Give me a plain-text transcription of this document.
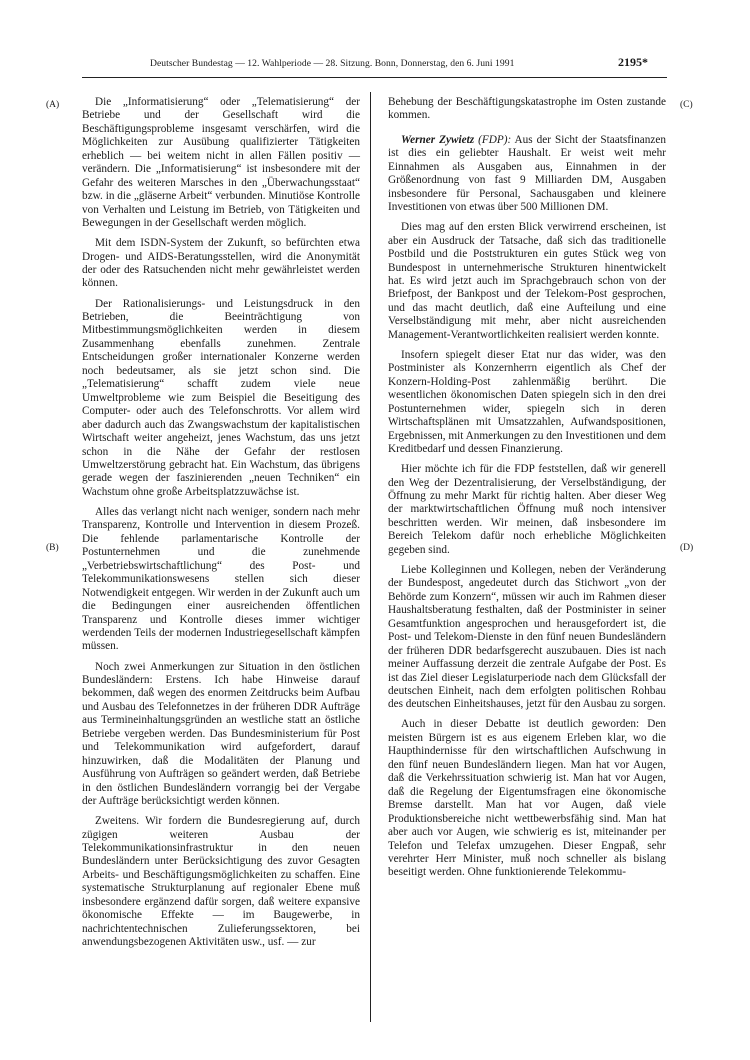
Deutscher Bundestag — 12. Wahlperiode — 28. Sitzung. Bonn, Donnerstag, den 6. Juni 1991	2195*
(A)
(B)
(C)
(D)

Die „Informatisierung“ oder „Telematisierung“ der Betriebe und der Gesellschaft wird die Beschäftigungsprobleme insgesamt verschärfen, wird die Möglichkeiten zur Ausübung qualifizierter Tätigkeiten erheblich — bei weitem nicht in allen Fällen positiv — verändern. Die „Informatisierung“ ist insbesondere mit der Gefahr des weiteren Marsches in den „Überwachungsstaat“ bzw. in die „gläserne Arbeit“ verbunden. Minutiöse Kontrolle von Verhalten und Leistung im Betrieb, von Tätigkeiten und Bewegungen in der Gesellschaft werden möglich.

Mit dem ISDN-System der Zukunft, so befürchten etwa Drogen- und AIDS-Beratungsstellen, wird die Anonymität der oder des Ratsuchenden nicht mehr gewährleistet werden können.

Der Rationalisierungs- und Leistungsdruck in den Betrieben, die Beeinträchtigung von Mitbestimmungsmöglichkeiten werden in diesem Zusammenhang ebenfalls zunehmen. Zentrale Entscheidungen großer internationaler Konzerne werden noch bedeutsamer, als sie jetzt schon sind. Die „Telematisierung“ schafft zudem viele neue Umweltprobleme wie zum Beispiel die Beseitigung des Computer- oder auch des Telefonschrotts. Vor allem wird aber dadurch auch das Zwangswachstum der kapitalistischen Wirtschaft weiter angeheizt, jenes Wachstum, das uns jetzt schon in die Nähe der Gefahr der restlosen Umweltzerstörung gebracht hat. Ein Wachstum, das übrigens gerade wegen der faszinierenden „neuen Techniken“ ein Wachstum ohne große Arbeitsplatzzuwächse ist.

Alles das verlangt nicht nach weniger, sondern nach mehr Transparenz, Kontrolle und Intervention in diesem Prozeß. Die fehlende parlamentarische Kontrolle der Postunternehmen und die zunehmende „Verbetriebswirtschaftlichung“ des Post- und Telekommunikationswesens stellen sich dieser Notwendigkeit entgegen. Wir werden in der Zukunft auch um die Bedingungen einer ausreichenden öffentlichen Transparenz und Kontrolle dieses immer wichtiger werdenden Teils der modernen Industriegesellschaft kämpfen müssen.

Noch zwei Anmerkungen zur Situation in den östlichen Bundesländern: Erstens. Ich habe Hinweise darauf bekommen, daß wegen des enormen Zeitdrucks beim Aufbau und Ausbau des Telefonnetzes in der früheren DDR Aufträge aus Termineinhaltungsgründen an westliche statt an östliche Betriebe vergeben werden. Das Bundesministerium für Post und Telekommunikation wird aufgefordert, darauf hinzuwirken, daß die Modalitäten der Planung und Ausführung von Aufträgen so geändert werden, daß Betriebe in den östlichen Bundesländern vorrangig bei der Vergabe der Aufträge berücksichtigt werden können.

Zweitens. Wir fordern die Bundesregierung auf, durch zügigen weiteren Ausbau der Telekommunikationsinfrastruktur in den neuen Bundesländern unter Berücksichtigung des zuvor Gesagten Arbeits- und Beschäftigungsmöglichkeiten zu schaffen. Eine systematische Strukturplanung auf regionaler Ebene muß insbesondere ergänzend dafür sorgen, daß weitere expansive ökonomische Effekte — im Baugewerbe, in nachrichtentechnischen Zulieferungssektoren, bei anwendungsbezogenen Aktivitäten usw., usf. — zur

Behebung der Beschäftigungskatastrophe im Osten zustande kommen.

Werner Zywietz (FDP): Aus der Sicht der Staatsfinanzen ist dies ein geliebter Haushalt. Er weist weit mehr Einnahmen als Ausgaben aus, Einnahmen in der Größenordnung von fast 9 Milliarden DM, Ausgaben insbesondere für Personal, Sachausgaben und kleinere Investitionen von etwas über 500 Millionen DM.

Dies mag auf den ersten Blick verwirrend erscheinen, ist aber ein Ausdruck der Tatsache, daß sich das traditionelle Postbild und die Poststrukturen ein gutes Stück weg von Bundespost in unternehmerische Strukturen hinentwickelt hat. Es wird jetzt auch im Sprachgebrauch schon von der Briefpost, der Bankpost und der Telekom-Post gesprochen, und das macht deutlich, daß eine Aufteilung und eine Verselbständigung mit mehr, aber nicht ausreichenden Management-Verantwortlichkeiten realisiert werden konnte.

Insofern spiegelt dieser Etat nur das wider, was den Postminister als Konzernherrn eigentlich als Chef der Konzern-Holding-Post zahlenmäßig berührt. Die wesentlichen ökonomischen Daten spiegeln sich in den drei Postunternehmen wider, spiegeln sich in deren Wirtschaftsplänen mit Umsatzzahlen, Aufwandspositionen, Ergebnissen, mit Anmerkungen zu den Investitionen und dem Kreditbedarf und dessen Finanzierung.

Hier möchte ich für die FDP feststellen, daß wir generell den Weg der Dezentralisierung, der Verselbständigung, der Öffnung zu mehr Markt für richtig halten. Aber dieser Weg der marktwirtschaftlichen Öffnung muß noch intensiver beschritten werden. Wir meinen, daß insbesondere im Bereich Telekom dafür noch erhebliche Möglichkeiten gegeben sind.

Liebe Kolleginnen und Kollegen, neben der Veränderung der Bundespost, angedeutet durch das Stichwort „von der Behörde zum Konzern“, müssen wir auch im Rahmen dieser Haushaltsberatung festhalten, daß der Postminister in seiner Gesamtfunktion angesprochen und herausgefordert ist, die Post- und Telekom-Dienste in den fünf neuen Bundesländern der früheren DDR bedarfsgerecht auszubauen. Dies ist nach meiner Auffassung derzeit die zentrale Aufgabe der Post. Es ist das Ziel dieser Legislaturperiode nach dem Glücksfall der deutschen Einheit, nach dem erfolgten politischen Rohbau des deutschen Einheitshauses, jetzt für den Ausbau zu sorgen.

Auch in dieser Debatte ist deutlich geworden: Den meisten Bürgern ist es aus eigenem Erleben klar, wo die Haupthindernisse für den wirtschaftlichen Aufschwung in den fünf neuen Bundesländern liegen. Man hat vor Augen, daß die Verkehrssituation schwierig ist. Man hat vor Augen, daß die Regelung der Eigentumsfragen eine ökonomische Bremse darstellt. Man hat vor Augen, daß viele Produktionsbereiche nicht wettbewerbsfähig sind. Man hat aber auch vor Augen, wie schwierig es ist, miteinander per Telefon und Telefax umzugehen. Dieser Engpaß, sehr verehrter Herr Minister, muß noch schneller als bislang beseitigt werden. Ohne funktionierende Telekommu-
